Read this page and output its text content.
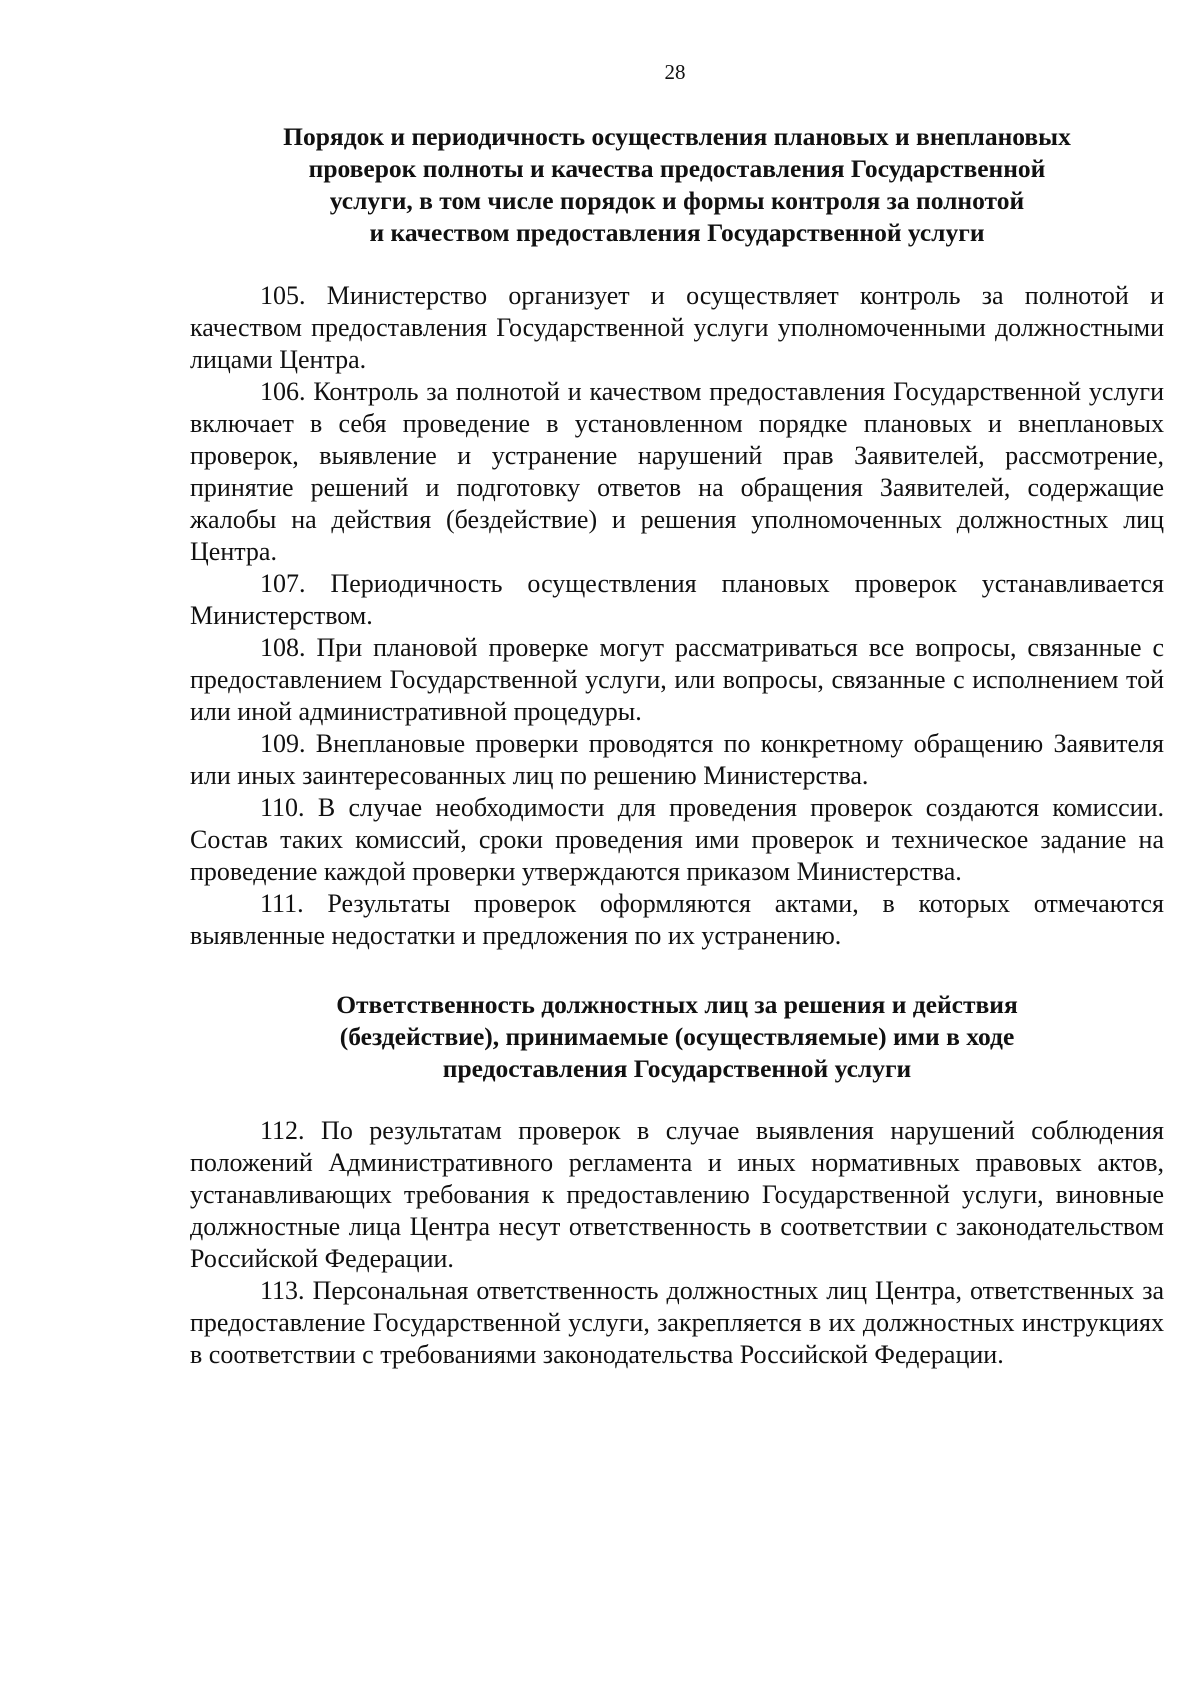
28
Порядок и периодичность осуществления плановых и внеплановых
проверок полноты и качества предоставления Государственной
услуги, в том числе порядок и формы контроля за полнотой
и качеством предоставления Государственной услуги

105. Министерство организует и осуществляет контроль за полнотой и качеством предоставления Государственной услуги уполномоченными должностными лицами Центра.

106. Контроль за полнотой и качеством предоставления Государственной услуги включает в себя проведение в установленном порядке плановых и внеплановых проверок, выявление и устранение нарушений прав Заявителей, рассмотрение, принятие решений и подготовку ответов на обращения Заявителей, содержащие жалобы на действия (бездействие) и решения уполномоченных должностных лиц Центра.

107. Периодичность осуществления плановых проверок устанавливается Министерством.

108. При плановой проверке могут рассматриваться все вопросы, связанные с предоставлением Государственной услуги, или вопросы, связанные с исполнением той или иной административной процедуры.

109. Внеплановые проверки проводятся по конкретному обращению Заявителя или иных заинтересованных лиц по решению Министерства.

110. В случае необходимости для проведения проверок создаются комиссии. Состав таких комиссий, сроки проведения ими проверок и техническое задание на проведение каждой проверки утверждаются приказом Министерства.

111. Результаты проверок оформляются актами, в которых отмечаются выявленные недостатки и предложения по их устранению.

Ответственность должностных лиц за решения и действия
(бездействие), принимаемые (осуществляемые) ими в ходе
предоставления Государственной услуги

112. По результатам проверок в случае выявления нарушений соблюдения положений Административного регламента и иных нормативных правовых актов, устанавливающих требования к предоставлению Государственной услуги, виновные должностные лица Центра несут ответственность в соответствии с законодательством Российской Федерации.

113. Персональная ответственность должностных лиц Центра, ответственных за предоставление Государственной услуги, закрепляется в их должностных инструкциях в соответствии с требованиями законодательства Российской Федерации.
